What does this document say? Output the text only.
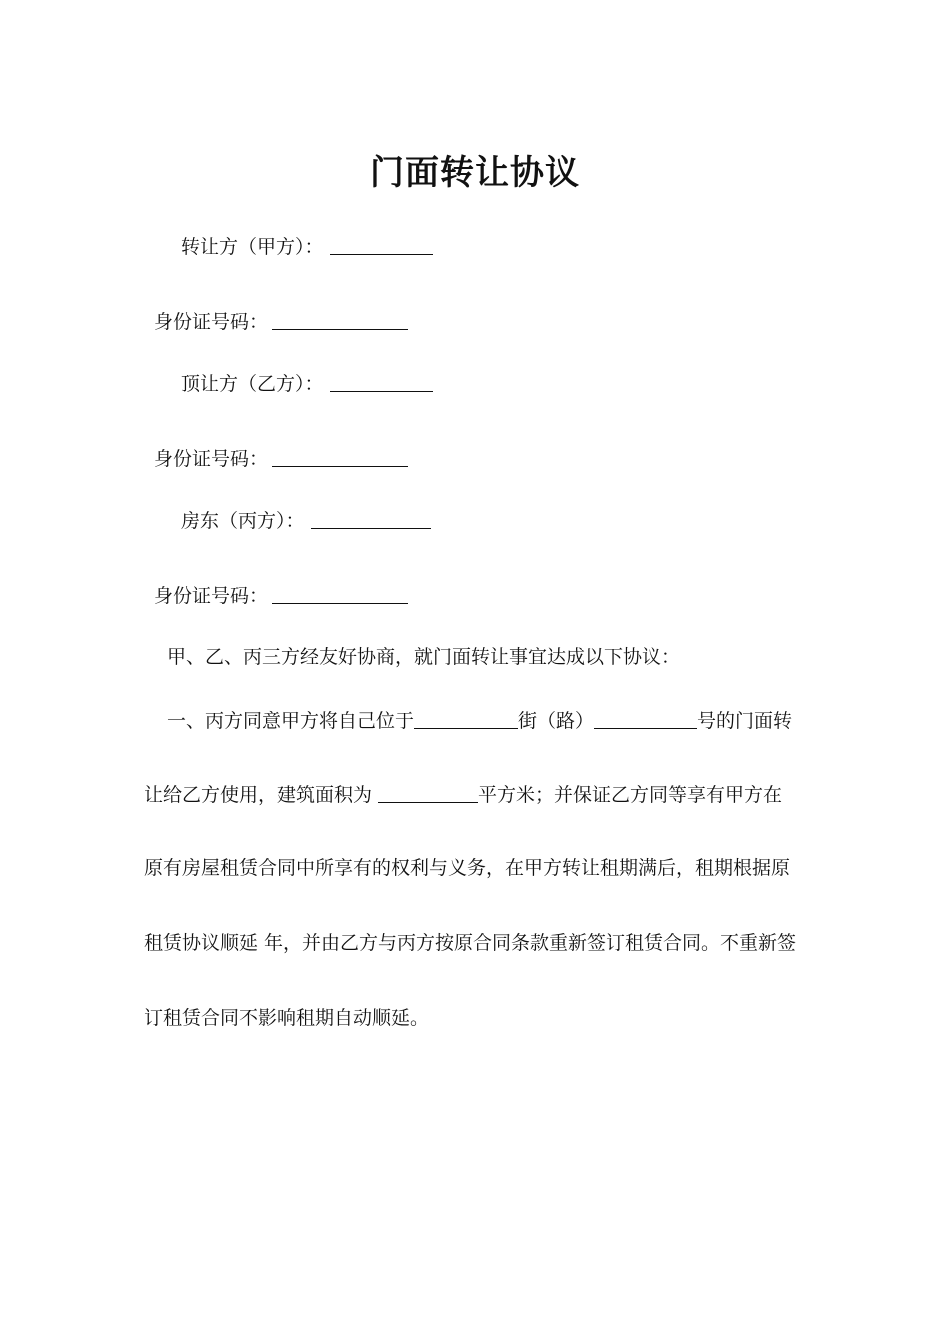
门面转让协议
转让方（甲方）：
身份证号码：
顶让方（乙方）：
身份证号码：
房东（丙方）：
身份证号码：
甲、乙、丙三方经友好协商，就门面转让事宜达成以下协议：
一、丙方同意甲方将自己位于	街（路）	号的门面转
让给乙方使用，建筑面积为	平方米；并保证乙方同等享有甲方在
原有房屋租赁合同中所享有的权利与义务，在甲方转让租期满后，租期根据原
租赁协议顺延 年，并由乙方与丙方按原合同条款重新签订租赁合同。不重新签
订租赁合同不影响租期自动顺延。
